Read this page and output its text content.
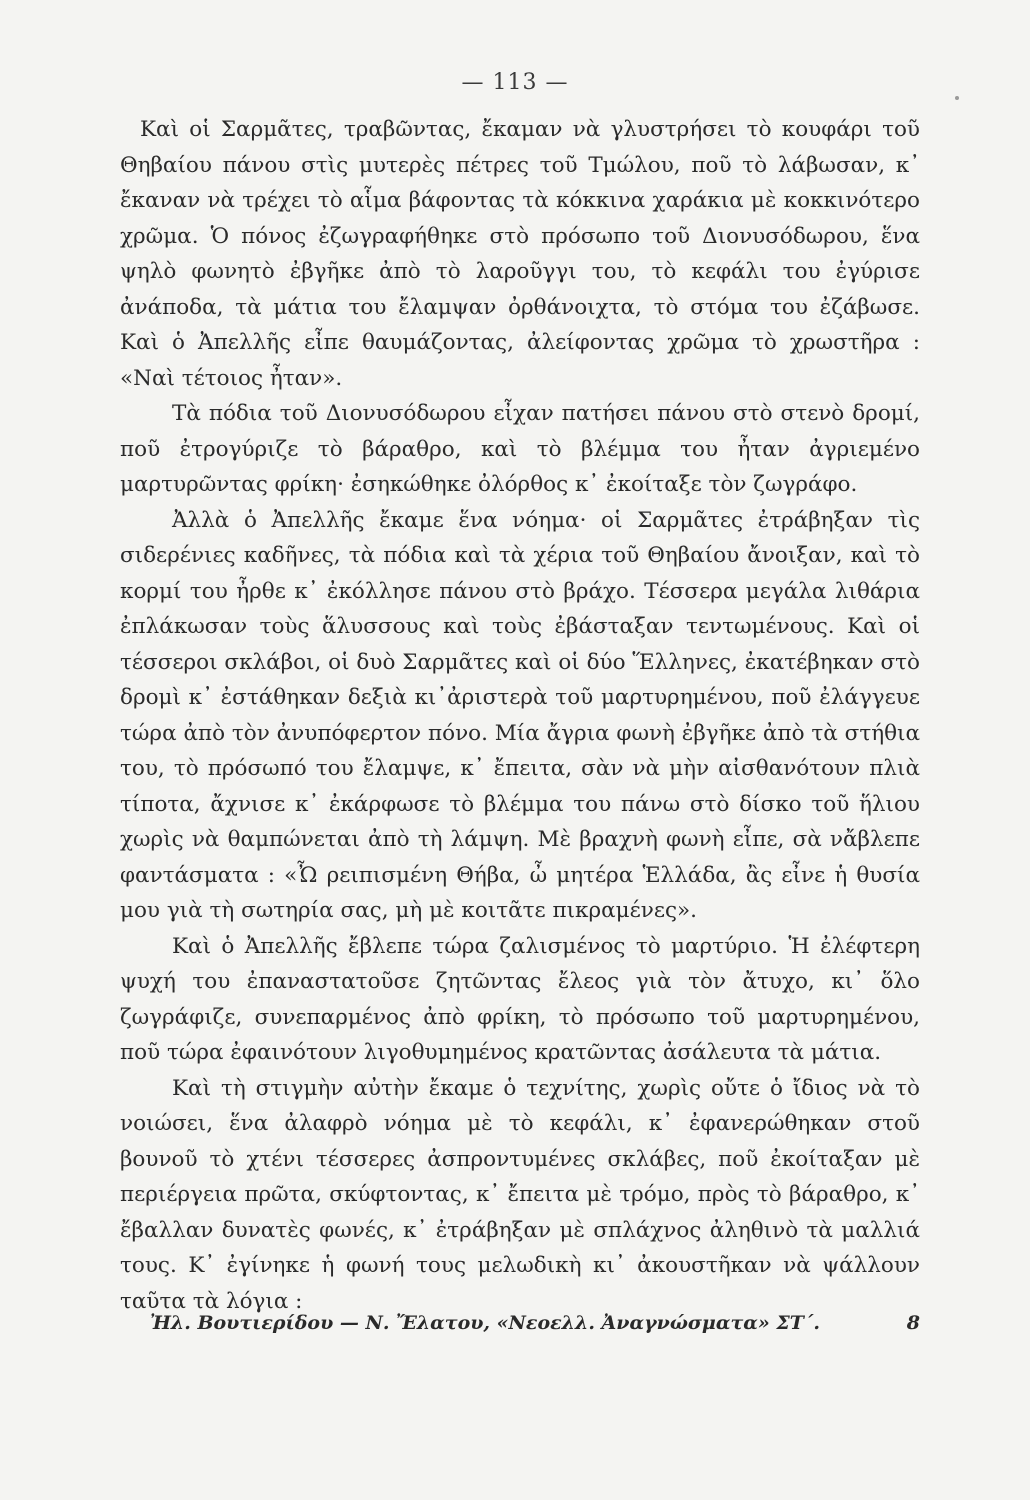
— 113 —

Καὶ οἱ Σαρμᾶτες, τραβῶντας, ἔκαμαν νὰ γλυστρήσει τὸ κουφάρι τοῦ Θηβαίου πάνου στὶς μυτερὲς πέτρες τοῦ Τμώλου, ποῦ τὸ λάβωσαν, κ᾽ ἔκαναν νὰ τρέχει τὸ αἷμα βάφοντας τὰ κόκκινα χαράκια μὲ κοκκινότερο χρῶμα. Ὁ πόνος ἐζωγραφήθηκε στὸ πρόσωπο τοῦ Διονυσόδωρου, ἕνα ψηλὸ φωνητὸ ἐβγῆκε ἀπὸ τὸ λαροῦγγι του, τὸ κεφάλι του ἐγύρισε ἀνάποδα, τὰ μάτια του ἔλαμψαν ὀρθάνοιχτα, τὸ στόμα του ἐζάβωσε. Καὶ ὁ Ἀπελλῆς εἶπε θαυμάζοντας, ἀλείφοντας χρῶμα τὸ χρωστῆρα : «Ναὶ τέτοιος ἦταν».

Τὰ πόδια τοῦ Διονυσόδωρου εἶχαν πατήσει πάνου στὸ στενὸ δρομί, ποῦ ἐτρογύριζε τὸ βάραθρο, καὶ τὸ βλέμμα του ἦταν ἀγριεμένο μαρτυρῶντας φρίκη· ἐσηκώθηκε ὀλόρθος κ᾽ ἐκοίταξε τὸν ζωγράφο.

Ἀλλὰ ὁ Ἀπελλῆς ἔκαμε ἕνα νόημα· οἱ Σαρμᾶτες ἐτράβηξαν τὶς σιδερένιες καδῆνες, τὰ πόδια καὶ τὰ χέρια τοῦ Θηβαίου ἄνοιξαν, καὶ τὸ κορμί του ἦρθε κ᾽ ἐκόλλησε πάνου στὸ βράχο. Τέσσερα μεγάλα λιθάρια ἐπλάκωσαν τοὺς ἅλυσσους καὶ τοὺς ἐβάσταξαν τεντωμένους. Καὶ οἱ τέσσεροι σκλάβοι, οἱ δυὸ Σαρμᾶτες καὶ οἱ δύο Ἕλληνες, ἐκατέβηκαν στὸ δρομὶ κ᾽ ἐστάθηκαν δεξιὰ κι᾽ἀριστερὰ τοῦ μαρτυρημένου, ποῦ ἐλάγγευε τώρα ἀπὸ τὸν ἀνυπόφερτον πόνο. Μία ἄγρια φωνὴ ἐβγῆκε ἀπὸ τὰ στήθια του, τὸ πρόσωπό του ἔλαμψε, κ᾽ ἔπειτα, σὰν νὰ μὴν αἰσθανότουν πλιὰ τίποτα, ἄχνισε κ᾽ ἐκάρφωσε τὸ βλέμμα του πάνω στὸ δίσκο τοῦ ἥλιου χωρὶς νὰ θαμπώνεται ἀπὸ τὴ λάμψη. Μὲ βραχνὴ φωνὴ εἶπε, σὰ νἄβλεπε φαντάσματα : «Ὦ ρειπισμένη Θήβα, ὦ μητέρα Ἑλλάδα, ἂς εἶνε ἡ θυσία μου γιὰ τὴ σωτηρία σας, μὴ μὲ κοιτᾶτε πικραμένες».

Καὶ ὁ Ἀπελλῆς ἔβλεπε τώρα ζαλισμένος τὸ μαρτύριο. Ἡ ἐλέφτερη ψυχή του ἐπαναστατοῦσε ζητῶντας ἔλεος γιὰ τὸν ἄτυχο, κι᾽ ὅλο ζωγράφιζε, συνεπαρμένος ἀπὸ φρίκη, τὸ πρόσωπο τοῦ μαρτυρημένου, ποῦ τώρα ἐφαινότουν λιγοθυμημένος κρατῶντας ἀσάλευτα τὰ μάτια.

Καὶ τὴ στιγμὴν αὐτὴν ἔκαμε ὁ τεχνίτης, χωρὶς οὔτε ὁ ἴδιος νὰ τὸ νοιώσει, ἕνα ἀλαφρὸ νόημα μὲ τὸ κεφάλι, κ᾽ ἐφανερώθηκαν στοῦ βουνοῦ τὸ χτένι τέσσερες ἀσπροντυμένες σκλάβες, ποῦ ἐκοίταξαν μὲ περιέργεια πρῶτα, σκύφτοντας, κ᾽ ἔπειτα μὲ τρόμο, πρὸς τὸ βάραθρο, κ᾽ ἔβαλλαν δυνατὲς φωνές, κ᾽ ἐτράβηξαν μὲ σπλάχνος ἀληθινὸ τὰ μαλλιά τους. Κ᾽ ἐγίνηκε ἡ φωνή τους μελωδικὴ κι᾽ ἀκουστῆκαν νὰ ψάλλουν ταῦτα τὰ λόγια :

Ἠλ. Βουτιερίδου — Ν. Ἔλατου, «Νεοελλ. Ἀναγνώσματα» ΣΤ΄.	8
